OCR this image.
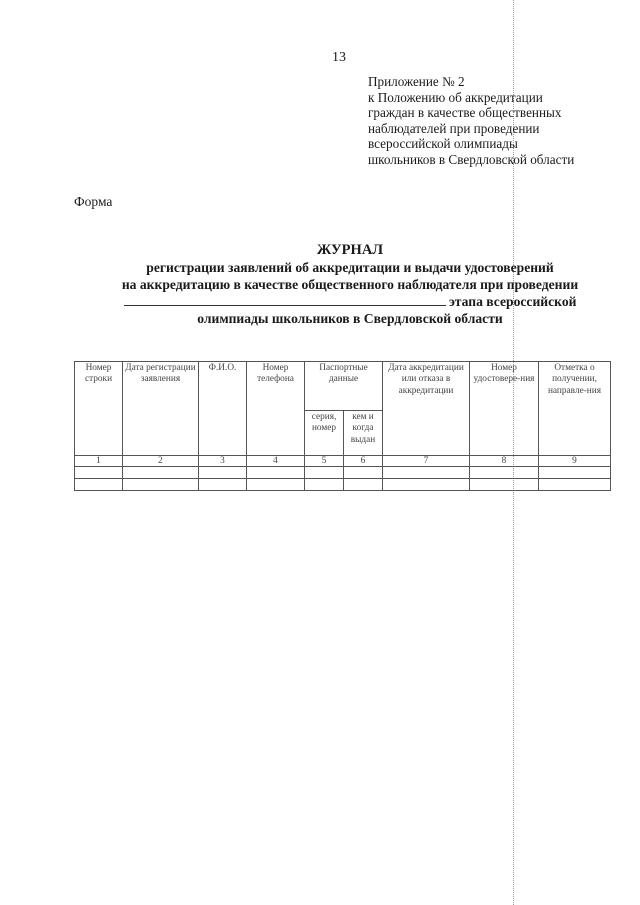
13
Приложение № 2
к Положению об аккредитации
граждан в качестве общественных
наблюдателей при проведении
всероссийской олимпиады
школьников в Свердловской области
Форма
ЖУРНАЛ
регистрации заявлений об аккредитации и выдачи удостоверений
на аккредитацию в качестве общественного наблюдателя при проведении
этапа всероссийской
олимпиады школьников в Свердловской области
Номер строки	Дата регистрации заявления	Ф.И.О.	Номер телефона	Паспортные данные		Дата аккредитации или отказа в аккредитации	Номер удостовере-ния	Отметка о получении, направле-ния
				серия, номер	кем и когда выдан			
1	2	3	4	5	6	7	8	9
